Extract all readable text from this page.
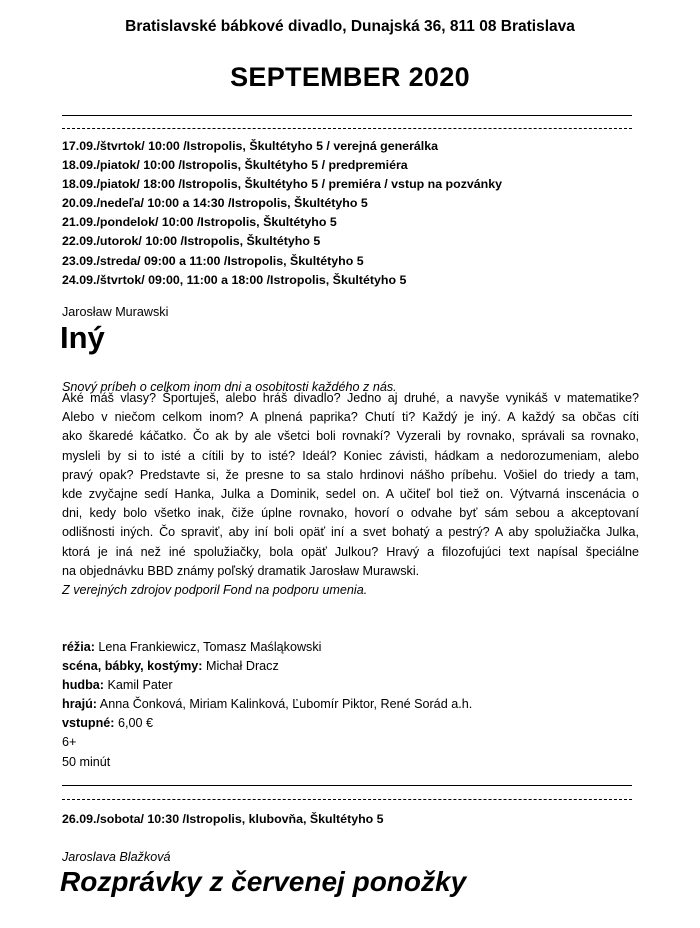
Bratislavské bábkové divadlo, Dunajská 36, 811 08 Bratislava
SEPTEMBER 2020
17.09./štvrtok/ 10:00 /Istropolis, Škultétyho 5 / verejná generálka
18.09./piatok/ 10:00 /Istropolis, Škultétyho 5 / predpremiéra
18.09./piatok/ 18:00 /Istropolis, Škultétyho 5 / premiéra / vstup na pozvánky
20.09./nedeľa/ 10:00 a 14:30 /Istropolis, Škultétyho 5
21.09./pondelok/ 10:00 /Istropolis, Škultétyho 5
22.09./utorok/ 10:00 /Istropolis, Škultétyho 5
23.09./streda/ 09:00 a 11:00 /Istropolis, Škultétyho 5
24.09./štvrtok/ 09:00, 11:00 a 18:00 /Istropolis, Škultétyho 5
Jarosław Murawski
Iný
Snový príbeh o celkom inom dni a osobitosti každého z nás.
Aké máš vlasy? Športuješ, alebo hráš divadlo? Jedno aj druhé, a navyše vynikáš v matematike?
Alebo v niečom celkom inom? A plnená paprika? Chutí ti? Každý je iný. A každý sa občas cíti
ako škaredé káčatko. Čo ak by ale všetci boli rovnakí? Vyzerali by rovnako, správali sa rovnako,
mysleli by si to isté a cítili by to isté? Ideál? Koniec závisti, hádkam a nedorozumeniam, alebo
pravý opak? Predstavte si, že presne to sa stalo hrdinovi nášho príbehu. Vošiel do triedy a tam,
kde zvyčajne sedí Hanka, Julka a Dominik, sedel on. A učiteľ bol tiež on. Výtvarná inscenácia o
dni, kedy bolo všetko inak, čiže úplne rovnako, hovorí o odvahe byť sám sebou a akceptovaní
odlišnosti iných. Čo spraviť, aby iní boli opäť iní a svet bohatý a pestrý? A aby spolužiačka Julka,
ktorá je iná než iné spolužiačky, bola opäť Julkou? Hravý a filozofujúci text napísal špeciálne
na objednávku BBD známy poľský dramatik Jarosław Murawski.
Z verejných zdrojov podporil Fond na podporu umenia.
réžia: Lena Frankiewicz, Tomasz Maśląkowski
scéna, bábky, kostýmy: Michał Dracz
hudba: Kamil Pater
hrajú: Anna Čonková, Miriam Kalinková, Ľubomír Piktor, René Sorád a.h.
vstupné: 6,00 €
6+
50 minút
26.09./sobota/ 10:30 /Istropolis, klubovňa, Škultétyho 5
Jaroslava Blažková
Rozprávky z červenej ponožky
